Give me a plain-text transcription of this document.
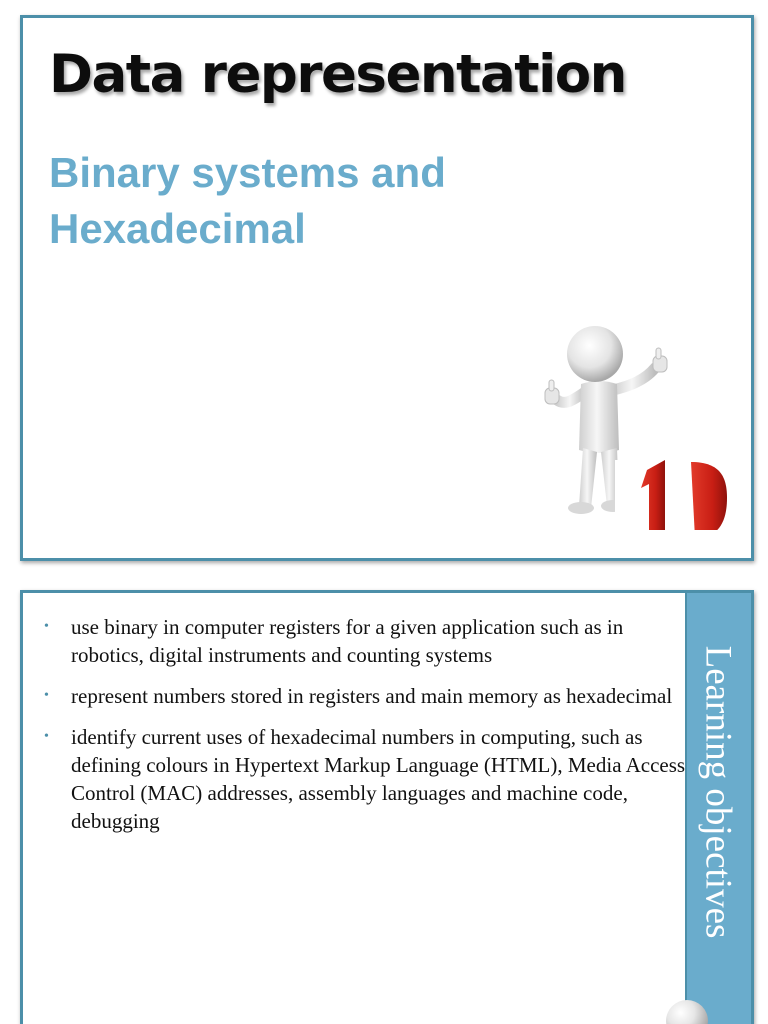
Data representation
Binary systems and Hexadecimal
• use binary in computer registers for a given application such as in robotics, digital instruments and counting systems
• represent numbers stored in registers and main memory as hexadecimal
• identify current uses of hexadecimal numbers in computing, such as defining colours in Hypertext Markup Language (HTML), Media Access Control (MAC) addresses, assembly languages and machine code, debugging	Learning objectives
